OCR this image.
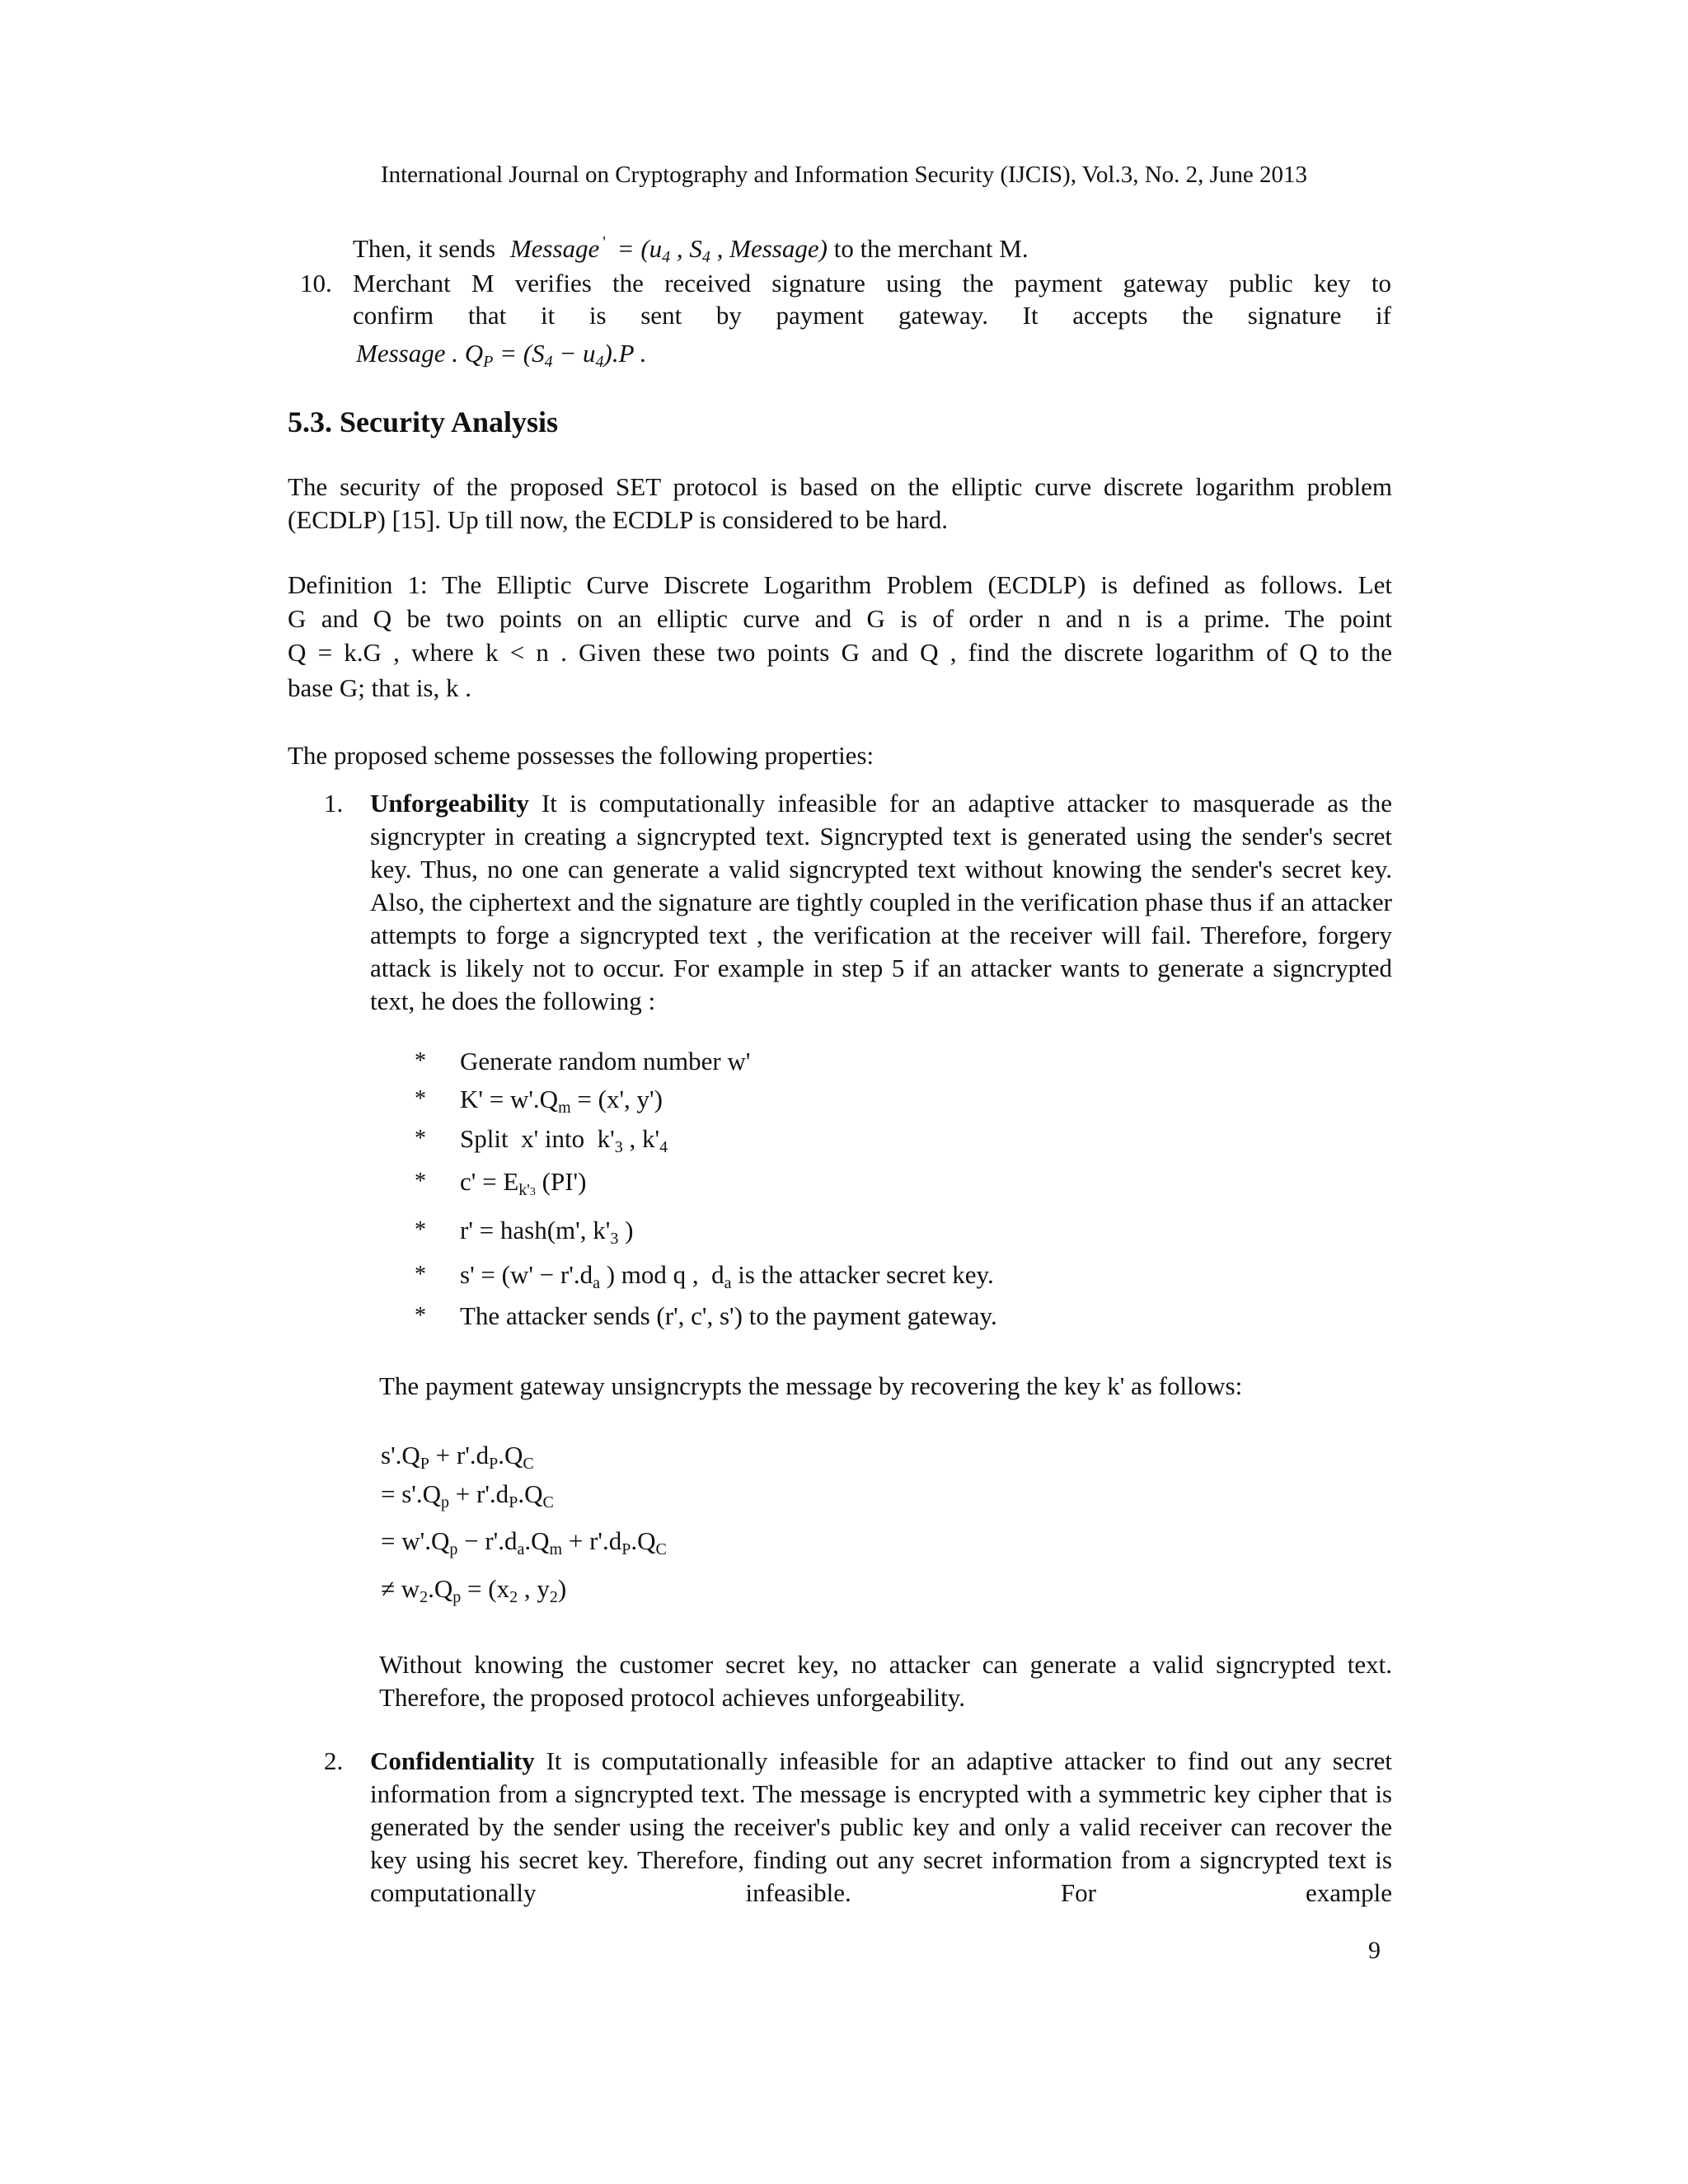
International Journal on Cryptography and Information Security (IJCIS), Vol.3, No. 2, June 2013
Then, it sends Message $' = (u_4$ , $S_4$ , Message) to the merchant M.
10. Merchant M verifies the received signature using the payment gateway public key to
confirm that it is sent by payment gateway. It accepts the signature if
Message . $Q_P = (S_4 - u_4).P$ .
5.3. Security Analysis
The security of the proposed SET protocol is based on the elliptic curve discrete logarithm problem (ECDLP) [15]. Up till now, the ECDLP is considered to be hard.
Definition 1: The Elliptic Curve Discrete Logarithm Problem (ECDLP) is defined as follows. Let
G and Q be two points on an elliptic curve and G is of order n and n is a prime. The point
Q = k.G , where k < n . Given these two points G and Q , find the discrete logarithm of Q to the
base G; that is, k .
The proposed scheme possesses the following properties:
1. Unforgeability It is computationally infeasible for an adaptive attacker to masquerade as the signcrypter in creating a signcrypted text. Signcrypted text is generated using the sender's secret key. Thus, no one can generate a valid signcrypted text without knowing the sender's secret key. Also, the ciphertext and the signature are tightly coupled in the verification phase thus if an attacker attempts to forge a signcrypted text , the verification at the receiver will fail. Therefore, forgery attack is likely not to occur. For example in step 5 if an attacker wants to generate a signcrypted text, he does the following :
* Generate random number w'
* $K' = w'.Q_m = (x'$, y')
* Split  x' into  $k'_3$ , $k'_4$
* $c' = E_{k'3}$ (PI')
* r' = hash(m', $k'_3$ )
* $s' = (w' - r'.d_a$ ) mod q ,  $d_a$ is the attacker secret key.
* The attacker sends (r', c', s') to the payment gateway.
The payment gateway unsigncrypts the message by recovering the key k' as follows:
$s'.Q_P + r'.d_P.Q_C$
= $s'.Q_p + r'.d_P.Q_C$
= $w'.Q_p - r'.d_a.Q_m + r'.d_P.Q_C$
≠ $w_2.Q_p = (x_2$ , $y_2$)
Without knowing the customer secret key, no attacker can generate a valid signcrypted text. Therefore, the proposed protocol achieves unforgeability.
2. Confidentiality It is computationally infeasible for an adaptive attacker to find out any secret information from a signcrypted text. The message is encrypted with a symmetric key cipher that is generated by the sender using the receiver's public key and only a valid receiver can recover the key using his secret key. Therefore, finding out any secret information from a signcrypted text is computationally infeasible. For example
9
